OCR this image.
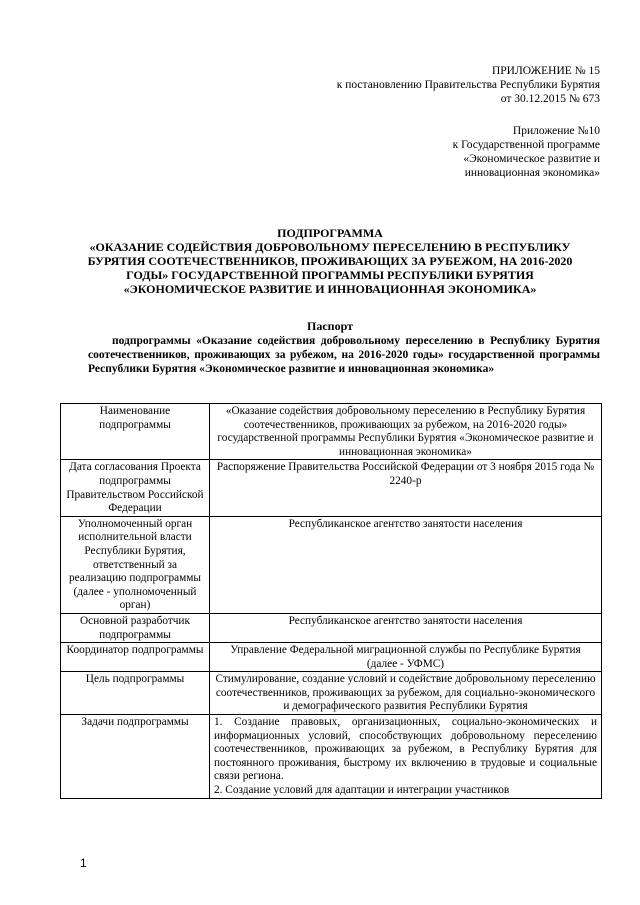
ПРИЛОЖЕНИЕ № 15
к постановлению Правительства Республики Бурятия
от 30.12.2015 № 673
Приложение №10
к Государственной программе
«Экономическое развитие и
инновационная экономика»
ПОДПРОГРАММА
«ОКАЗАНИЕ СОДЕЙСТВИЯ ДОБРОВОЛЬНОМУ ПЕРЕСЕЛЕНИЮ В РЕСПУБЛИКУ
БУРЯТИЯ СООТЕЧЕСТВЕННИКОВ, ПРОЖИВАЮЩИХ ЗА РУБЕЖОМ, НА 2016-2020
ГОДЫ» ГОСУДАРСТВЕННОЙ ПРОГРАММЫ РЕСПУБЛИКИ БУРЯТИЯ
«ЭКОНОМИЧЕСКОЕ РАЗВИТИЕ И ИННОВАЦИОННАЯ ЭКОНОМИКА»
Паспорт
подпрограммы «Оказание содействия добровольному переселению в Республику Бурятия соотечественников, проживающих за рубежом, на 2016-2020 годы» государственной программы Республики Бурятия «Экономическое развитие и инновационная экономика»
Наименование подпрограммы	«Оказание содействия добровольному переселению в Республику Бурятия соотечественников, проживающих за рубежом, на 2016-2020 годы» государственной программы Республики Бурятия «Экономическое развитие и инновационная экономика»
Дата согласования Проекта подпрограммы Правительством Российской Федерации	Распоряжение Правительства Российской Федерации от 3 ноября 2015 года № 2240-р
Уполномоченный орган исполнительной власти Республики Бурятия, ответственный за реализацию подпрограммы (далее - уполномоченный орган)	Республиканское агентство занятости населения
Основной разработчик подпрограммы	Республиканское агентство занятости населения
Координатор подпрограммы	Управление Федеральной миграционной службы по Республике Бурятия (далее - УФМС)
Цель подпрограммы	Стимулирование, создание условий и содействие добровольному переселению соотечественников, проживающих за рубежом, для социально-экономического и демографического развития Республики Бурятия
Задачи подпрограммы	1. Создание правовых, организационных, социально-экономических и информационных условий, способствующих добровольному переселению соотечественников, проживающих за рубежом, в Республику Бурятия для постоянного проживания, быстрому их включению в трудовые и социальные связи региона.
2. Создание условий для адаптации и интеграции участников
1
